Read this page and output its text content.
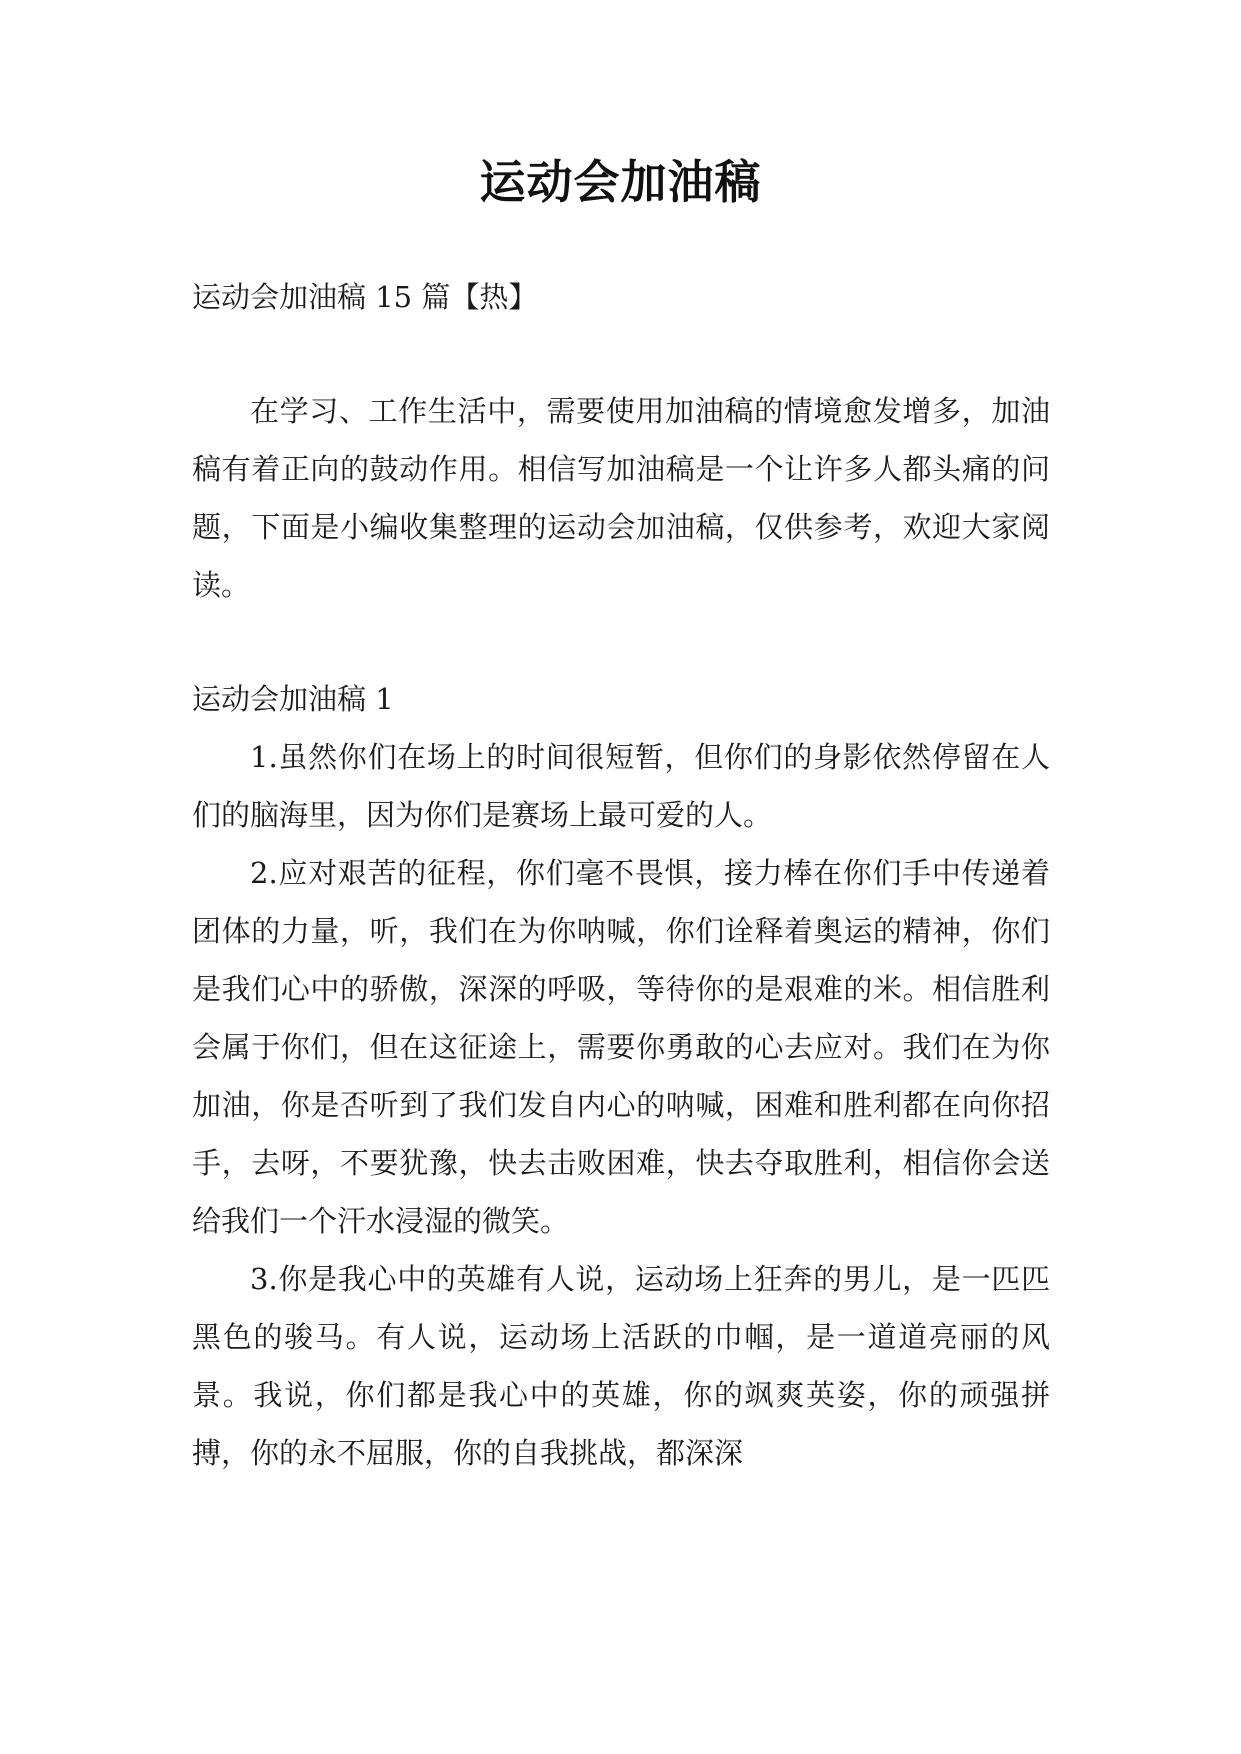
运动会加油稿

运动会加油稿 15 篇【热】

在学习、工作生活中，需要使用加油稿的情境愈发增多，加油稿有着正向的鼓动作用。相信写加油稿是一个让许多人都头痛的问题，下面是小编收集整理的运动会加油稿，仅供参考，欢迎大家阅读。

运动会加油稿 1

1.虽然你们在场上的时间很短暂，但你们的身影依然停留在人们的脑海里，因为你们是赛场上最可爱的人。

2.应对艰苦的征程，你们毫不畏惧，接力棒在你们手中传递着团体的力量，听，我们在为你呐喊，你们诠释着奥运的精神，你们是我们心中的骄傲，深深的呼吸，等待你的是艰难的米。相信胜利会属于你们，但在这征途上，需要你勇敢的心去应对。我们在为你加油，你是否听到了我们发自内心的呐喊，困难和胜利都在向你招手，去呀，不要犹豫，快去击败困难，快去夺取胜利，相信你会送给我们一个汗水浸湿的微笑。

3.你是我心中的英雄有人说，运动场上狂奔的男儿，是一匹匹黑色的骏马。有人说，运动场上活跃的巾帼，是一道道亮丽的风景。我说，你们都是我心中的英雄，你的飒爽英姿，你的顽强拼搏，你的永不屈服，你的自我挑战，都深深
